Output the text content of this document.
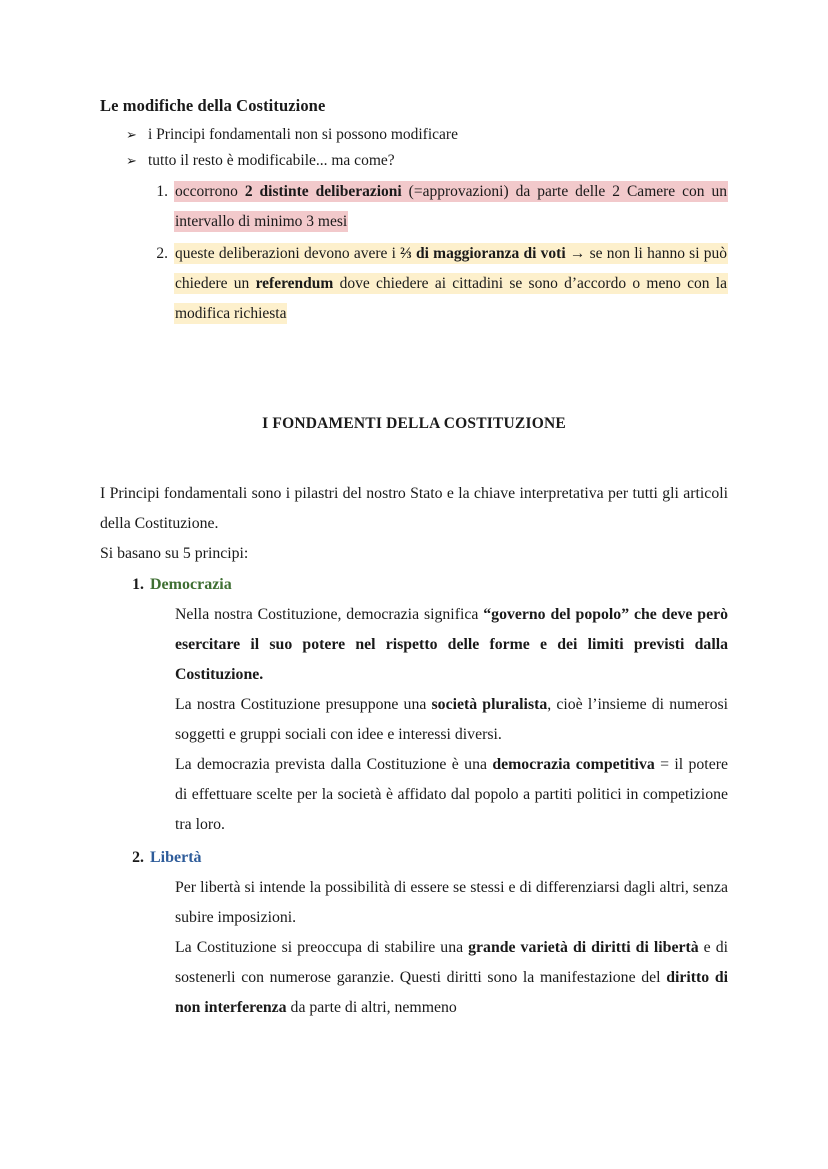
Le modifiche della Costituzione
➢ i Principi fondamentali non si possono modificare
➢ tutto il resto è modificabile... ma come?
1. occorrono 2 distinte deliberazioni (=approvazioni) da parte delle 2 Camere con un intervallo di minimo 3 mesi
2. queste deliberazioni devono avere i ⅔ di maggioranza di voti → se non li hanno si può chiedere un referendum dove chiedere ai cittadini se sono d’accordo o meno con la modifica richiesta
I FONDAMENTI DELLA COSTITUZIONE

I Principi fondamentali sono i pilastri del nostro Stato e la chiave interpretativa per tutti gli articoli della Costituzione.

Si basano su 5 principi:

1. Democrazia

Nella nostra Costituzione, democrazia significa “governo del popolo” che deve però esercitare il suo potere nel rispetto delle forme e dei limiti previsti dalla Costituzione.

La nostra Costituzione presuppone una società pluralista, cioè l’insieme di numerosi soggetti e gruppi sociali con idee e interessi diversi.

La democrazia prevista dalla Costituzione è una democrazia competitiva = il potere di effettuare scelte per la società è affidato dal popolo a partiti politici in competizione tra loro.

2. Libertà

Per libertà si intende la possibilità di essere se stessi e di differenziarsi dagli altri, senza subire imposizioni.

La Costituzione si preoccupa di stabilire una grande varietà di diritti di libertà e di sostenerli con numerose garanzie. Questi diritti sono la manifestazione del diritto di non interferenza da parte di altri, nemmeno
